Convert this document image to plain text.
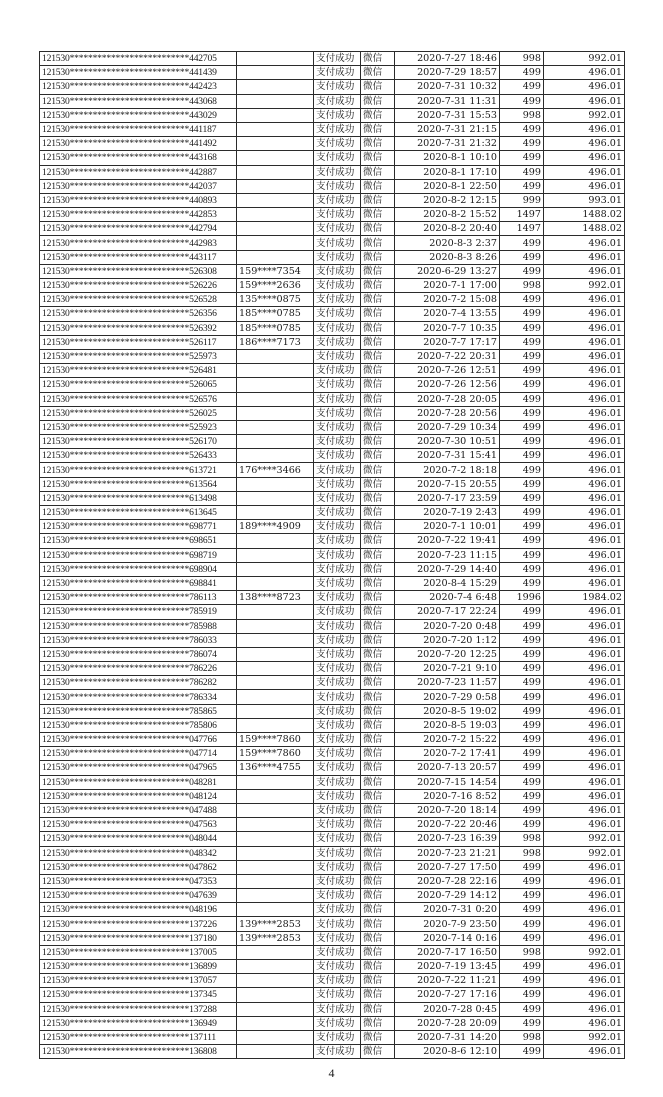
121530**************************442705		支付成功	微信	2020-7-27 18:46	998	992.01
121530**************************441439		支付成功	微信	2020-7-29 18:57	499	496.01
121530**************************442423		支付成功	微信	2020-7-31 10:32	499	496.01
121530**************************443068		支付成功	微信	2020-7-31 11:31	499	496.01
121530**************************443029		支付成功	微信	2020-7-31 15:53	998	992.01
121530**************************441187		支付成功	微信	2020-7-31 21:15	499	496.01
121530**************************441492		支付成功	微信	2020-7-31 21:32	499	496.01
121530**************************443168		支付成功	微信	2020-8-1 10:10	499	496.01
121530**************************442887		支付成功	微信	2020-8-1 17:10	499	496.01
121530**************************442037		支付成功	微信	2020-8-1 22:50	499	496.01
121530**************************440893		支付成功	微信	2020-8-2 12:15	999	993.01
121530**************************442853		支付成功	微信	2020-8-2 15:52	1497	1488.02
121530**************************442794		支付成功	微信	2020-8-2 20:40	1497	1488.02
121530**************************442983		支付成功	微信	2020-8-3 2:37	499	496.01
121530**************************443117		支付成功	微信	2020-8-3 8:26	499	496.01
121530**************************526308	159****7354	支付成功	微信	2020-6-29 13:27	499	496.01
121530**************************526226	159****2636	支付成功	微信	2020-7-1 17:00	998	992.01
121530**************************526528	135****0875	支付成功	微信	2020-7-2 15:08	499	496.01
121530**************************526356	185****0785	支付成功	微信	2020-7-4 13:55	499	496.01
121530**************************526392	185****0785	支付成功	微信	2020-7-7 10:35	499	496.01
121530**************************526117	186****7173	支付成功	微信	2020-7-7 17:17	499	496.01
121530**************************525973		支付成功	微信	2020-7-22 20:31	499	496.01
121530**************************526481		支付成功	微信	2020-7-26 12:51	499	496.01
121530**************************526065		支付成功	微信	2020-7-26 12:56	499	496.01
121530**************************526576		支付成功	微信	2020-7-28 20:05	499	496.01
121530**************************526025		支付成功	微信	2020-7-28 20:56	499	496.01
121530**************************525923		支付成功	微信	2020-7-29 10:34	499	496.01
121530**************************526170		支付成功	微信	2020-7-30 10:51	499	496.01
121530**************************526433		支付成功	微信	2020-7-31 15:41	499	496.01
121530**************************613721	176****3466	支付成功	微信	2020-7-2 18:18	499	496.01
121530**************************613564		支付成功	微信	2020-7-15 20:55	499	496.01
121530**************************613498		支付成功	微信	2020-7-17 23:59	499	496.01
121530**************************613645		支付成功	微信	2020-7-19 2:43	499	496.01
121530**************************698771	189****4909	支付成功	微信	2020-7-1 10:01	499	496.01
121530**************************698651		支付成功	微信	2020-7-22 19:41	499	496.01
121530**************************698719		支付成功	微信	2020-7-23 11:15	499	496.01
121530**************************698904		支付成功	微信	2020-7-29 14:40	499	496.01
121530**************************698841		支付成功	微信	2020-8-4 15:29	499	496.01
121530**************************786113	138****8723	支付成功	微信	2020-7-4 6:48	1996	1984.02
121530**************************785919		支付成功	微信	2020-7-17 22:24	499	496.01
121530**************************785988		支付成功	微信	2020-7-20 0:48	499	496.01
121530**************************786033		支付成功	微信	2020-7-20 1:12	499	496.01
121530**************************786074		支付成功	微信	2020-7-20 12:25	499	496.01
121530**************************786226		支付成功	微信	2020-7-21 9:10	499	496.01
121530**************************786282		支付成功	微信	2020-7-23 11:57	499	496.01
121530**************************786334		支付成功	微信	2020-7-29 0:58	499	496.01
121530**************************785865		支付成功	微信	2020-8-5 19:02	499	496.01
121530**************************785806		支付成功	微信	2020-8-5 19:03	499	496.01
121530**************************047766	159****7860	支付成功	微信	2020-7-2 15:22	499	496.01
121530**************************047714	159****7860	支付成功	微信	2020-7-2 17:41	499	496.01
121530**************************047965	136****4755	支付成功	微信	2020-7-13 20:57	499	496.01
121530**************************048281		支付成功	微信	2020-7-15 14:54	499	496.01
121530**************************048124		支付成功	微信	2020-7-16 8:52	499	496.01
121530**************************047488		支付成功	微信	2020-7-20 18:14	499	496.01
121530**************************047563		支付成功	微信	2020-7-22 20:46	499	496.01
121530**************************048044		支付成功	微信	2020-7-23 16:39	998	992.01
121530**************************048342		支付成功	微信	2020-7-23 21:21	998	992.01
121530**************************047862		支付成功	微信	2020-7-27 17:50	499	496.01
121530**************************047353		支付成功	微信	2020-7-28 22:16	499	496.01
121530**************************047639		支付成功	微信	2020-7-29 14:12	499	496.01
121530**************************048196		支付成功	微信	2020-7-31 0:20	499	496.01
121530**************************137226	139****2853	支付成功	微信	2020-7-9 23:50	499	496.01
121530**************************137180	139****2853	支付成功	微信	2020-7-14 0:16	499	496.01
121530**************************137005		支付成功	微信	2020-7-17 16:50	998	992.01
121530**************************136899		支付成功	微信	2020-7-19 13:45	499	496.01
121530**************************137057		支付成功	微信	2020-7-22 11:21	499	496.01
121530**************************137345		支付成功	微信	2020-7-27 17:16	499	496.01
121530**************************137288		支付成功	微信	2020-7-28 0:45	499	496.01
121530**************************136949		支付成功	微信	2020-7-28 20:09	499	496.01
121530**************************137111		支付成功	微信	2020-7-31 14:20	998	992.01
121530**************************136808		支付成功	微信	2020-8-6 12:10	499	496.01
4
